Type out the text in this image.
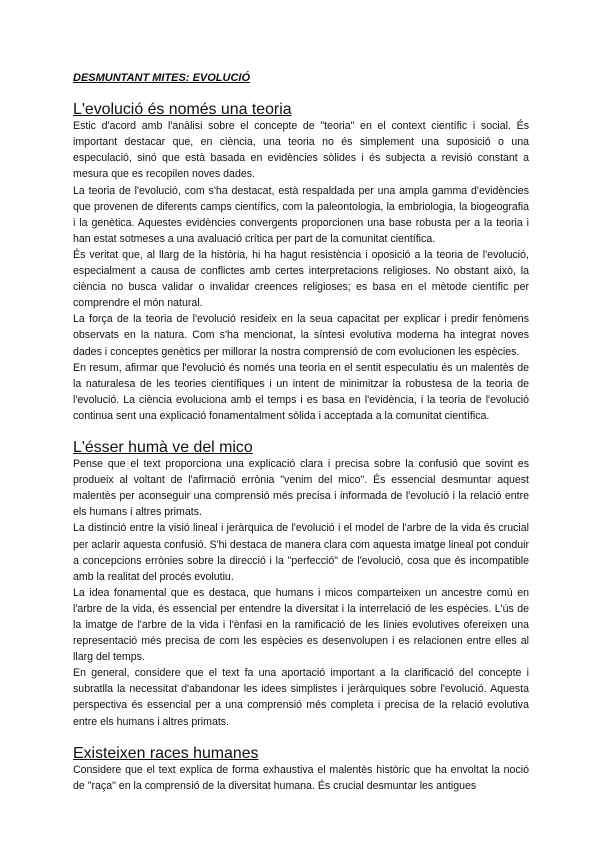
DESMUNTANT MITES: EVOLUCIÓ
L'evolució és només una teoria

Estic d'acord amb l'anàlisi sobre el concepte de "teoria" en el context científic i social. És important destacar que, en ciència, una teoria no és simplement una suposició o una especulació, sinó que està basada en evidències sòlides i és subjecta a revisió constant a mesura que es recopilen noves dades.

La teoria de l'evolució, com s'ha destacat, està respaldada per una ampla gamma d'evidències que provenen de diferents camps científics, com la paleontologia, la embriologia, la biogeografia i la genètica. Aquestes evidències convergents proporcionen una base robusta per a la teoria i han estat sotmeses a una avaluació crítica per part de la comunitat científica.

És veritat que, al llarg de la història, hi ha hagut resistència i oposició a la teoria de l'evolució, especialment a causa de conflictes amb certes interpretacions religioses. No obstant això, la ciència no busca validar o invalidar creences religioses; es basa en el mètode científic per comprendre el món natural.

La força de la teoria de l'evolució resideix en la seua capacitat per explicar i predir fenòmens observats en la natura. Com s'ha mencionat, la síntesi evolutiva moderna ha integrat noves dades i conceptes genètics per millorar la nostra comprensió de com evolucionen les espècies.

En resum, afirmar que l'evolució és només una teoria en el sentit especulatiu és un malentès de la naturalesa de les teories científiques i un intent de minimitzar la robustesa de la teoria de l'evolució. La ciència evoluciona amb el temps i es basa en l'evidència, i la teoria de l'evolució continua sent una explicació fonamentalment sòlida i acceptada a la comunitat científica.

L'ésser humà ve del mico

Pense que el text proporciona una explicació clara i precisa sobre la confusió que sovint es produeix al voltant de l'afirmació errònia "venim del mico". És essencial desmuntar aquest malentès per aconseguir una comprensió més precisa i informada de l'evolució i la relació entre els humans i altres primats.

La distinció entre la visió lineal i jeràrquica de l'evolució i el model de l'arbre de la vida és crucial per aclarir aquesta confusió. S'hi destaca de manera clara com aquesta imatge lineal pot conduir a concepcions errònies sobre la direcció i la "perfecció" de l'evolució, cosa que és incompatible amb la realitat del procés evolutiu.

La idea fonamental que es destaca, que humans i micos comparteixen un ancestre comú en l'arbre de la vida, és essencial per entendre la diversitat i la interrelació de les espècies. L'ús de la imatge de l'arbre de la vida i l'ènfasi en la ramificació de les línies evolutives ofereixen una representació més precisa de com les espècies es desenvolupen i es relacionen entre elles al llarg del temps.

En general, considere que el text fa una aportació important a la clarificació del concepte i subratlla la necessitat d'abandonar les idees simplistes i jeràrquiques sobre l'evolució. Aquesta perspectiva és essencial per a una comprensió més completa i precisa de la relació evolutiva entre els humans i altres primats.

Existeixen races humanes

Considere que el text explica de forma exhaustiva el malentès històric que ha envoltat la noció de "raça" en la comprensió de la diversitat humana. És crucial desmuntar les antigues
